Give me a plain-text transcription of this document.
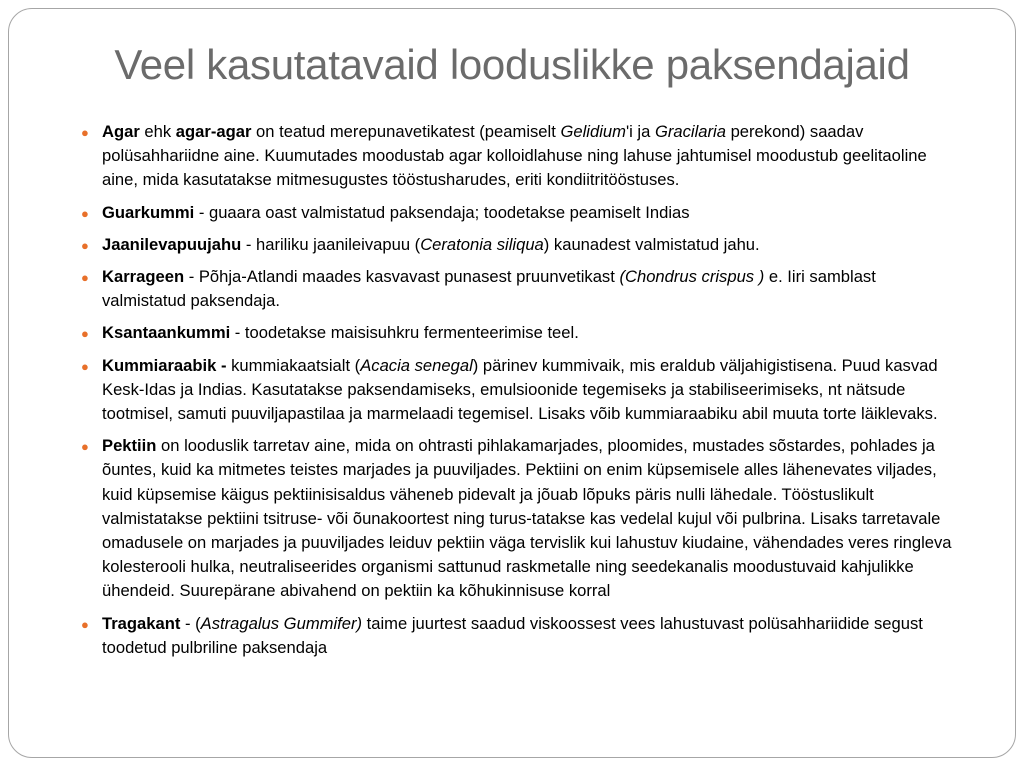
Veel kasutatavaid looduslikke paksendajaid
● Agar ehk agar-agar on teatud merepunavetikatest (peamiselt Gelidium'i ja Gracilaria perekond) saadav polüsahhariidne aine. Kuumutades moodustab agar kolloidlahuse ning lahuse jahtumisel moodustub geelitaoline aine, mida kasutatakse mitmesugustes tööstusharudes, eriti kondiitritööstuses.
● Guarkummi - guaara oast valmistatud paksendaja; toodetakse peamiselt Indias
● Jaanilevapuujahu - hariliku jaanileivapuu (Ceratonia siliqua) kaunadest valmistatud jahu.
● Karrageen - Põhja-Atlandi maades kasvavast punasest pruunvetikast (Chondrus crispus ) e. Iiri samblast valmistatud paksendaja.
● Ksantaankummi - toodetakse maisisuhkru fermenteerimise teel.
● Kummiaraabik - kummiakaatsialt (Acacia senegal) pärinev kummivaik, mis eraldub väljahigistisena. Puud kasvad Kesk-Idas ja Indias. Kasutatakse paksendamiseks, emulsioonide tegemiseks ja stabiliseerimiseks, nt nätsude tootmisel, samuti puuviljapastilaa ja marmelaadi tegemisel. Lisaks võib kummiaraabiku abil muuta torte läiklevaks.
● Pektiin on looduslik tarretav aine, mida on ohtrasti pihlakamarjades, ploomides, mustades sõstardes, pohlades ja õuntes, kuid ka mitmetes teistes marjades ja puuviljades. Pektiini on enim küpsemisele alles lähenevates viljades, kuid küpsemise käigus pektiinisisaldus väheneb pidevalt ja jõuab lõpuks päris nulli lähedale. Tööstuslikult valmistatakse pektiini tsitruse- või õunakoortest ning turus-tatakse kas vedelal kujul või pulbrina. Lisaks tarretavale omadusele on marjades ja puuviljades leiduv pektiin väga tervislik kui lahustuv kiudaine, vähendades veres ringleva kolesterooli hulka, neutraliseerides organismi sattunud raskmetalle ning seedekanalis moodustuvaid kahjulikke ühendeid. Suurepärane abivahend on pektiin ka kõhukinnisuse korral
● Tragakant - (Astragalus Gummifer) taime juurtest saadud viskoossest vees lahustuvast polüsahhariidide segust toodetud pulbriline paksendaja
